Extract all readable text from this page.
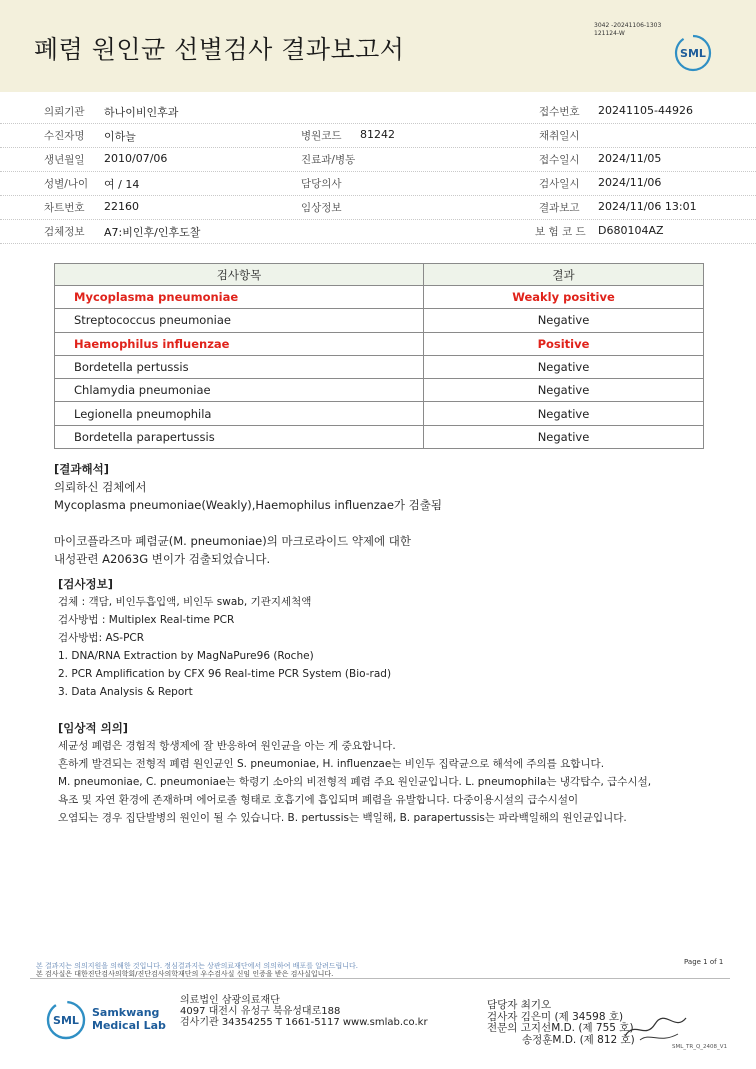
폐렴 원인균 선별검사 결과보고서
3042 -20241106-1303
121124-W
SML
의뢰기관 하나이비인후과	접수번호 20241105-44926
수진자명 이하늘	병원코드 81242	채취일시
생년월일 2010/07/06	진료과/병동	접수일시 2024/11/05
성별/나이 여 / 14	담당의사	검사일시 2024/11/06
차트번호 22160	임상정보	결과보고 2024/11/06 13:01
검체정보 A7:비인후/인후도찰	보 험 코 드 D680104AZ
검사항목	결과
Mycoplasma pneumoniae	Weakly positive
Streptococcus pneumoniae	Negative
Haemophilus influenzae	Positive
Bordetella pertussis	Negative
Chlamydia pneumoniae	Negative
Legionella pneumophila	Negative
Bordetella parapertussis	Negative
[결과해석]
의뢰하신 검체에서
Mycoplasma pneumoniae(Weakly),Haemophilus influenzae가 검출됨
마이코플라즈마 폐렴균(M. pneumoniae)의 마크로라이드 약제에 대한
내성관련 A2063G 변이가 검출되었습니다.
[검사정보]
검체 : 객담, 비인두흡입액, 비인두 swab, 기관지세척액
검사방법 : Multiplex Real-time PCR
검사방법: AS-PCR
1. DNA/RNA Extraction by MagNaPure96 (Roche)
2. PCR Amplification by CFX 96 Real-time PCR System (Bio-rad)
3. Data Analysis & Report
[임상적 의의]
세균성 폐렴은 경험적 항생제에 잘 반응하여 원인균을 아는 게 중요합니다.
흔하게 발견되는 전형적 폐렴 원인균인 S. pneumoniae, H. influenzae는 비인두 집락균으로 해석에 주의를 요합니다.
M. pneumoniae, C. pneumoniae는 학령기 소아의 비전형적 폐렴 주요 원인균입니다. L. pneumophila는 냉각탑수, 급수시설,
욕조 및 자연 환경에 존재하며 에어로졸 형태로 호흡기에 흡입되며 폐렴을 유발합니다. 다중이용시설의 급수시설이
오염되는 경우 집단발병의 원인이 될 수 있습니다. B. pertussis는 백일해, B. parapertussis는 파라백일해의 원인균입니다.
본 결과지는 의의지원을 의해한 것입니다. 정심결과지는 상관의료재단에서 의의하여 배포를 알려드립니다.
본 검사실은 대한진단검사의학회/진단검사의학재단의 우수검사실 신임 인증을 받은 검사실입니다.
Page 1 of 1
SML
Samkwang
Medical Lab
의료법인 삼광의료재단
4097 대전시 유성구 북유성대로188
검사기관 34354255 T 1661-5117 www.smlab.co.kr
담당자 최기오
검사자 김은미 (제 34598 호)
전문의 고지선M.D. (제 755 호)
송정훈M.D. (제 812 호)
SML_TR_Q_2408_V1
